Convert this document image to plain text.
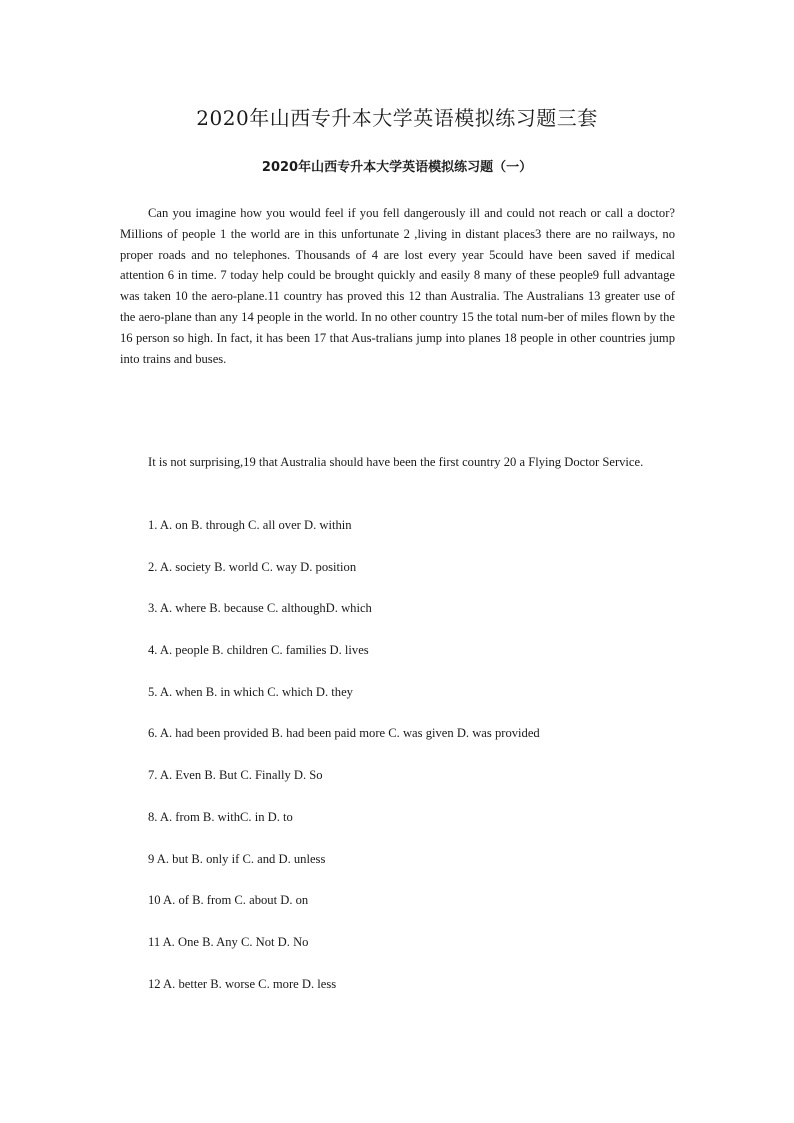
2020年山西专升本大学英语模拟练习题三套
2020年山西专升本大学英语模拟练习题（一）

Can you imagine how you would feel if you fell dangerously ill and could not reach or call a doctor? Millions of people 1 the world are in this unfortunate 2 ,living in distant places3 there are no railways, no proper roads and no telephones. Thousands of 4 are lost every year 5could have been saved if medical attention 6 in time. 7 today help could be brought quickly and easily 8 many of these people9 full advantage was taken 10 the aero-plane.11 country has proved this 12 than Australia. The Australians 13 greater use of the aero-plane than any 14 people in the world. In no other country 15 the total num-ber of miles flown by the 16 person so high. In fact, it has been 17 that Aus-tralians jump into planes 18 people in other countries jump into trains and buses.

It is not surprising,19 that Australia should have been the first country 20 a Flying Doctor Service.

1. A. on B. through C. all over D. within
2. A. society B. world C. way D. position
3. A. where B. because C. althoughD. which
4. A. people B. children C. families D. lives
5. A. when B. in which C. which D. they
6. A. had been provided B. had been paid more C. was given D. was provided
7. A. Even B. But C. Finally D. So
8. A. from B. withC. in D. to
9 A. but B. only if C. and D. unless
10 A. of B. from C. about D. on
11 A. One B. Any C. Not D. No
12 A. better B. worse C. more D. less
